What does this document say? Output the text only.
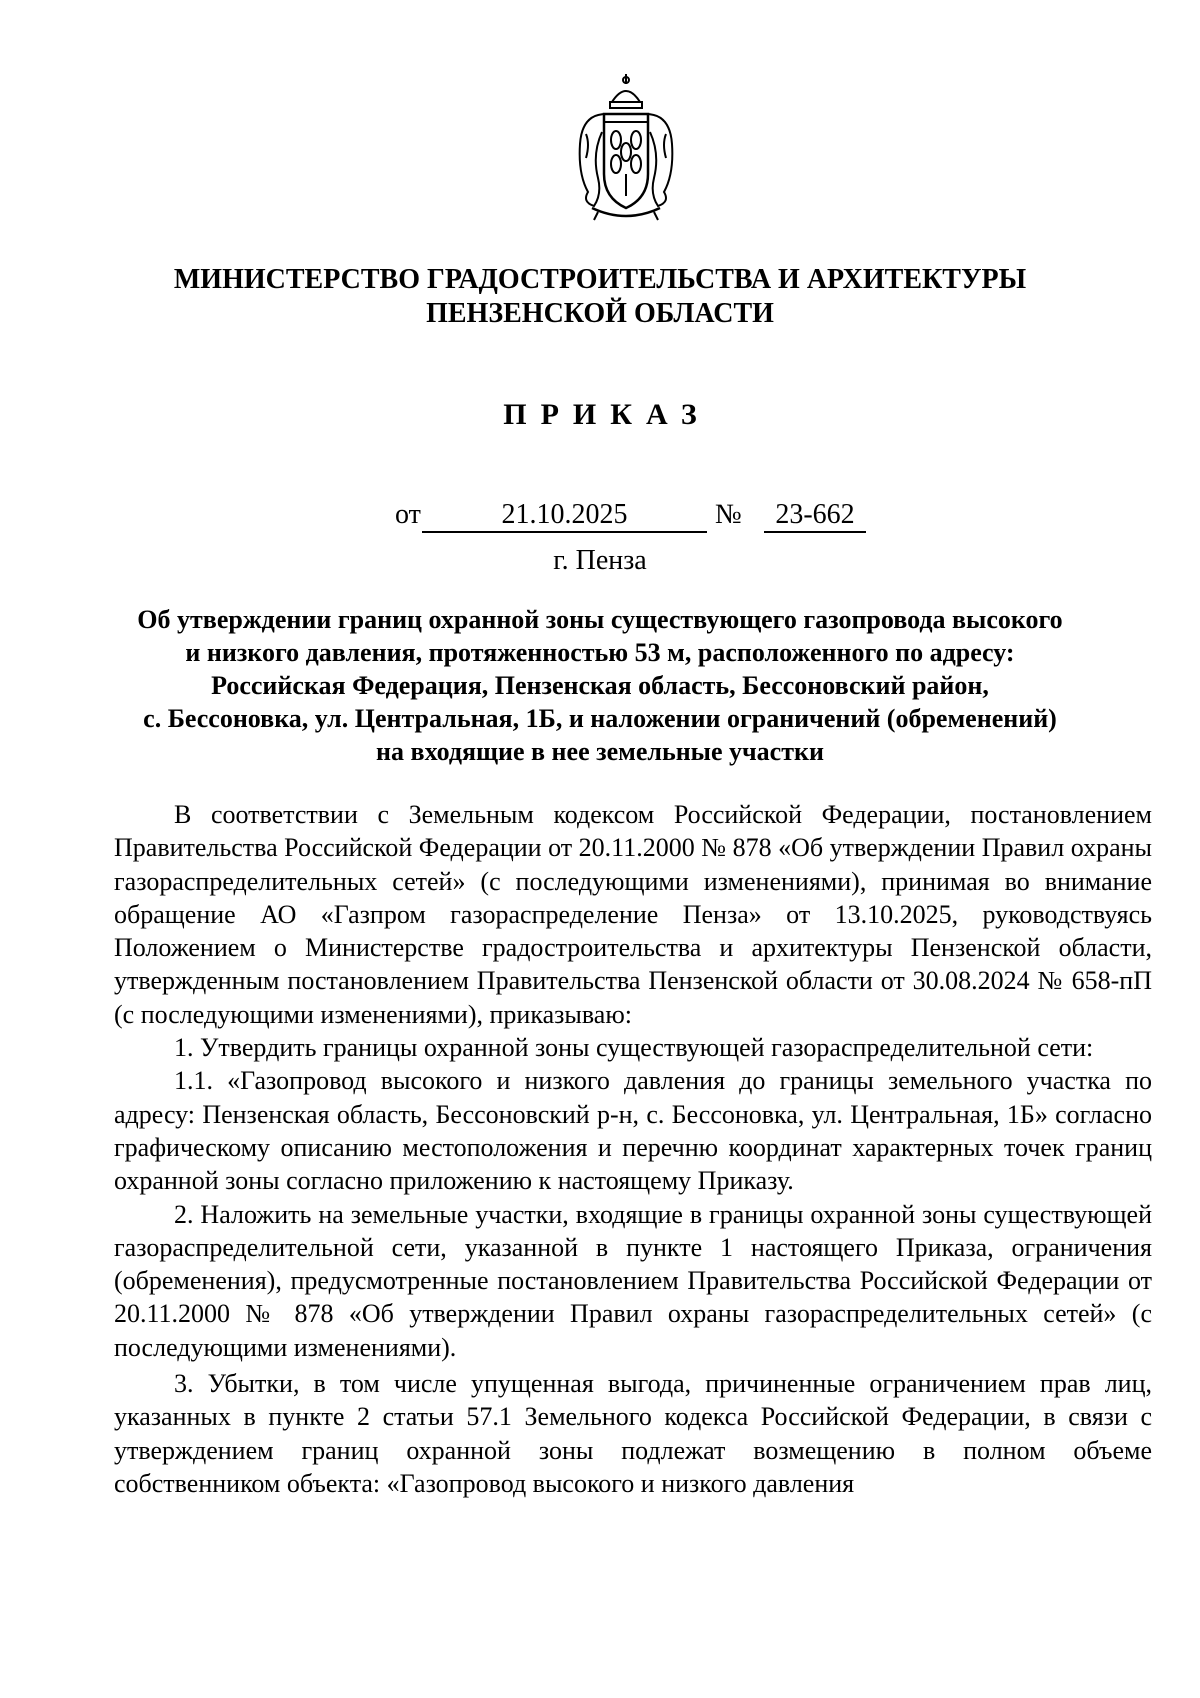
МИНИСТЕРСТВО ГРАДОСТРОИТЕЛЬСТВА И АРХИТЕКТУРЫ
ПЕНЗЕНСКОЙ ОБЛАСТИ
ПРИКАЗ
от	21.10.2025	№	23-662
г. Пенза
Об утверждении границ охранной зоны существующего газопровода высокого
и низкого давления, протяженностью 53 м, расположенного по адресу:
Российская Федерация, Пензенская область, Бессоновский район,
с. Бессоновка, ул. Центральная, 1Б, и наложении ограничений (обременений)
на входящие в нее земельные участки

В соответствии с Земельным кодексом Российской Федерации, постановлением Правительства Российской Федерации от 20.11.2000 № 878 «Об утверждении Правил охраны газораспределительных сетей» (с последующими изменениями), принимая во внимание обращение АО «Газпром газораспределение Пенза» от 13.10.2025, руководствуясь Положением о Министерстве градостроительства и архитектуры Пензенской области, утвержденным постановлением Правительства Пензенской области от 30.08.2024 № 658-пП (с последующими изменениями), приказываю:

1. Утвердить границы охранной зоны существующей газораспределительной сети:

1.1. «Газопровод высокого и низкого давления до границы земельного участка по адресу: Пензенская область, Бессоновский р-н, с. Бессоновка, ул. Центральная, 1Б» согласно графическому описанию местоположения и перечню координат характерных точек границ охранной зоны согласно приложению к настоящему Приказу.

2. Наложить на земельные участки, входящие в границы охранной зоны существующей газораспределительной сети, указанной в пункте 1 настоящего Приказа, ограничения (обременения), предусмотренные постановлением Правительства Российской Федерации от 20.11.2000 № 878 «Об утверждении Правил охраны газораспределительных сетей» (с последующими изменениями).

3. Убытки, в том числе упущенная выгода, причиненные ограничением прав лиц, указанных в пункте 2 статьи 57.1 Земельного кодекса Российской Федерации, в связи с утверждением границ охранной зоны подлежат возмещению в полном объеме собственником объекта: «Газопровод высокого и низкого давления
